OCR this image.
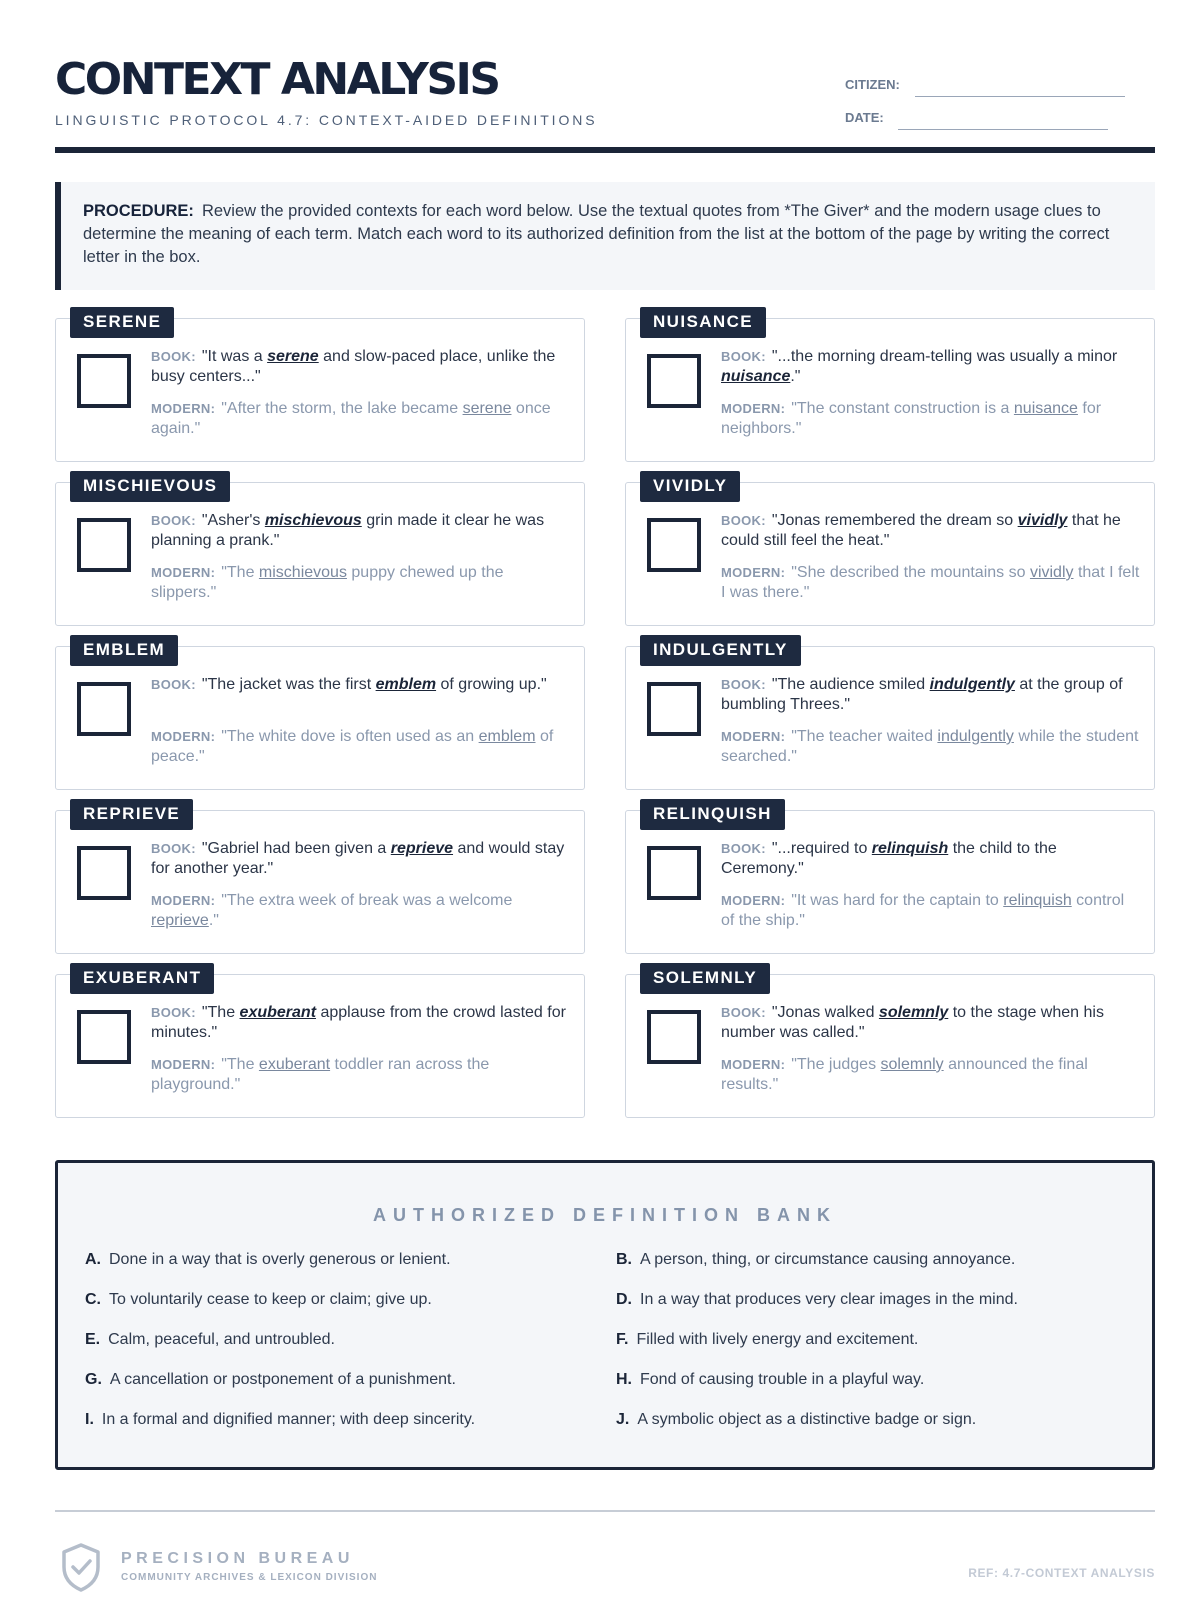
CONTEXT ANALYSIS
LINGUISTIC PROTOCOL 4.7: CONTEXT-AIDED DEFINITIONS
CITIZEN:
DATE:
PROCEDURE: Review the provided contexts for each word below. Use the textual quotes from *The Giver* and the modern usage clues to determine the meaning of each term. Match each word to its authorized definition from the list at the bottom of the page by writing the correct letter in the box.
SERENE
BOOK: "It was a serene and slow-paced place, unlike the busy centers..."
MODERN: "After the storm, the lake became serene once again."
NUISANCE
BOOK: "...the morning dream-telling was usually a minor nuisance."
MODERN: "The constant construction is a nuisance for neighbors."
MISCHIEVOUS
BOOK: "Asher's mischievous grin made it clear he was planning a prank."
MODERN: "The mischievous puppy chewed up the slippers."
VIVIDLY
BOOK: "Jonas remembered the dream so vividly that he could still feel the heat."
MODERN: "She described the mountains so vividly that I felt I was there."
EMBLEM
BOOK: "The jacket was the first emblem of growing up."
MODERN: "The white dove is often used as an emblem of peace."
INDULGENTLY
BOOK: "The audience smiled indulgently at the group of bumbling Threes."
MODERN: "The teacher waited indulgently while the student searched."
REPRIEVE
BOOK: "Gabriel had been given a reprieve and would stay for another year."
MODERN: "The extra week of break was a welcome reprieve."
RELINQUISH
BOOK: "...required to relinquish the child to the Ceremony."
MODERN: "It was hard for the captain to relinquish control of the ship."
EXUBERANT
BOOK: "The exuberant applause from the crowd lasted for minutes."
MODERN: "The exuberant toddler ran across the playground."
SOLEMNLY
BOOK: "Jonas walked solemnly to the stage when his number was called."
MODERN: "The judges solemnly announced the final results."
AUTHORIZED DEFINITION BANK
A. Done in a way that is overly generous or lenient.	B. A person, thing, or circumstance causing annoyance.
C. To voluntarily cease to keep or claim; give up.	D. In a way that produces very clear images in the mind.
E. Calm, peaceful, and untroubled.	F. Filled with lively energy and excitement.
G. A cancellation or postponement of a punishment.	H. Fond of causing trouble in a playful way.
I. In a formal and dignified manner; with deep sincerity.	J. A symbolic object as a distinctive badge or sign.
PRECISION BUREAU
COMMUNITY ARCHIVES & LEXICON DIVISION	REF: 4.7-CONTEXT ANALYSIS
